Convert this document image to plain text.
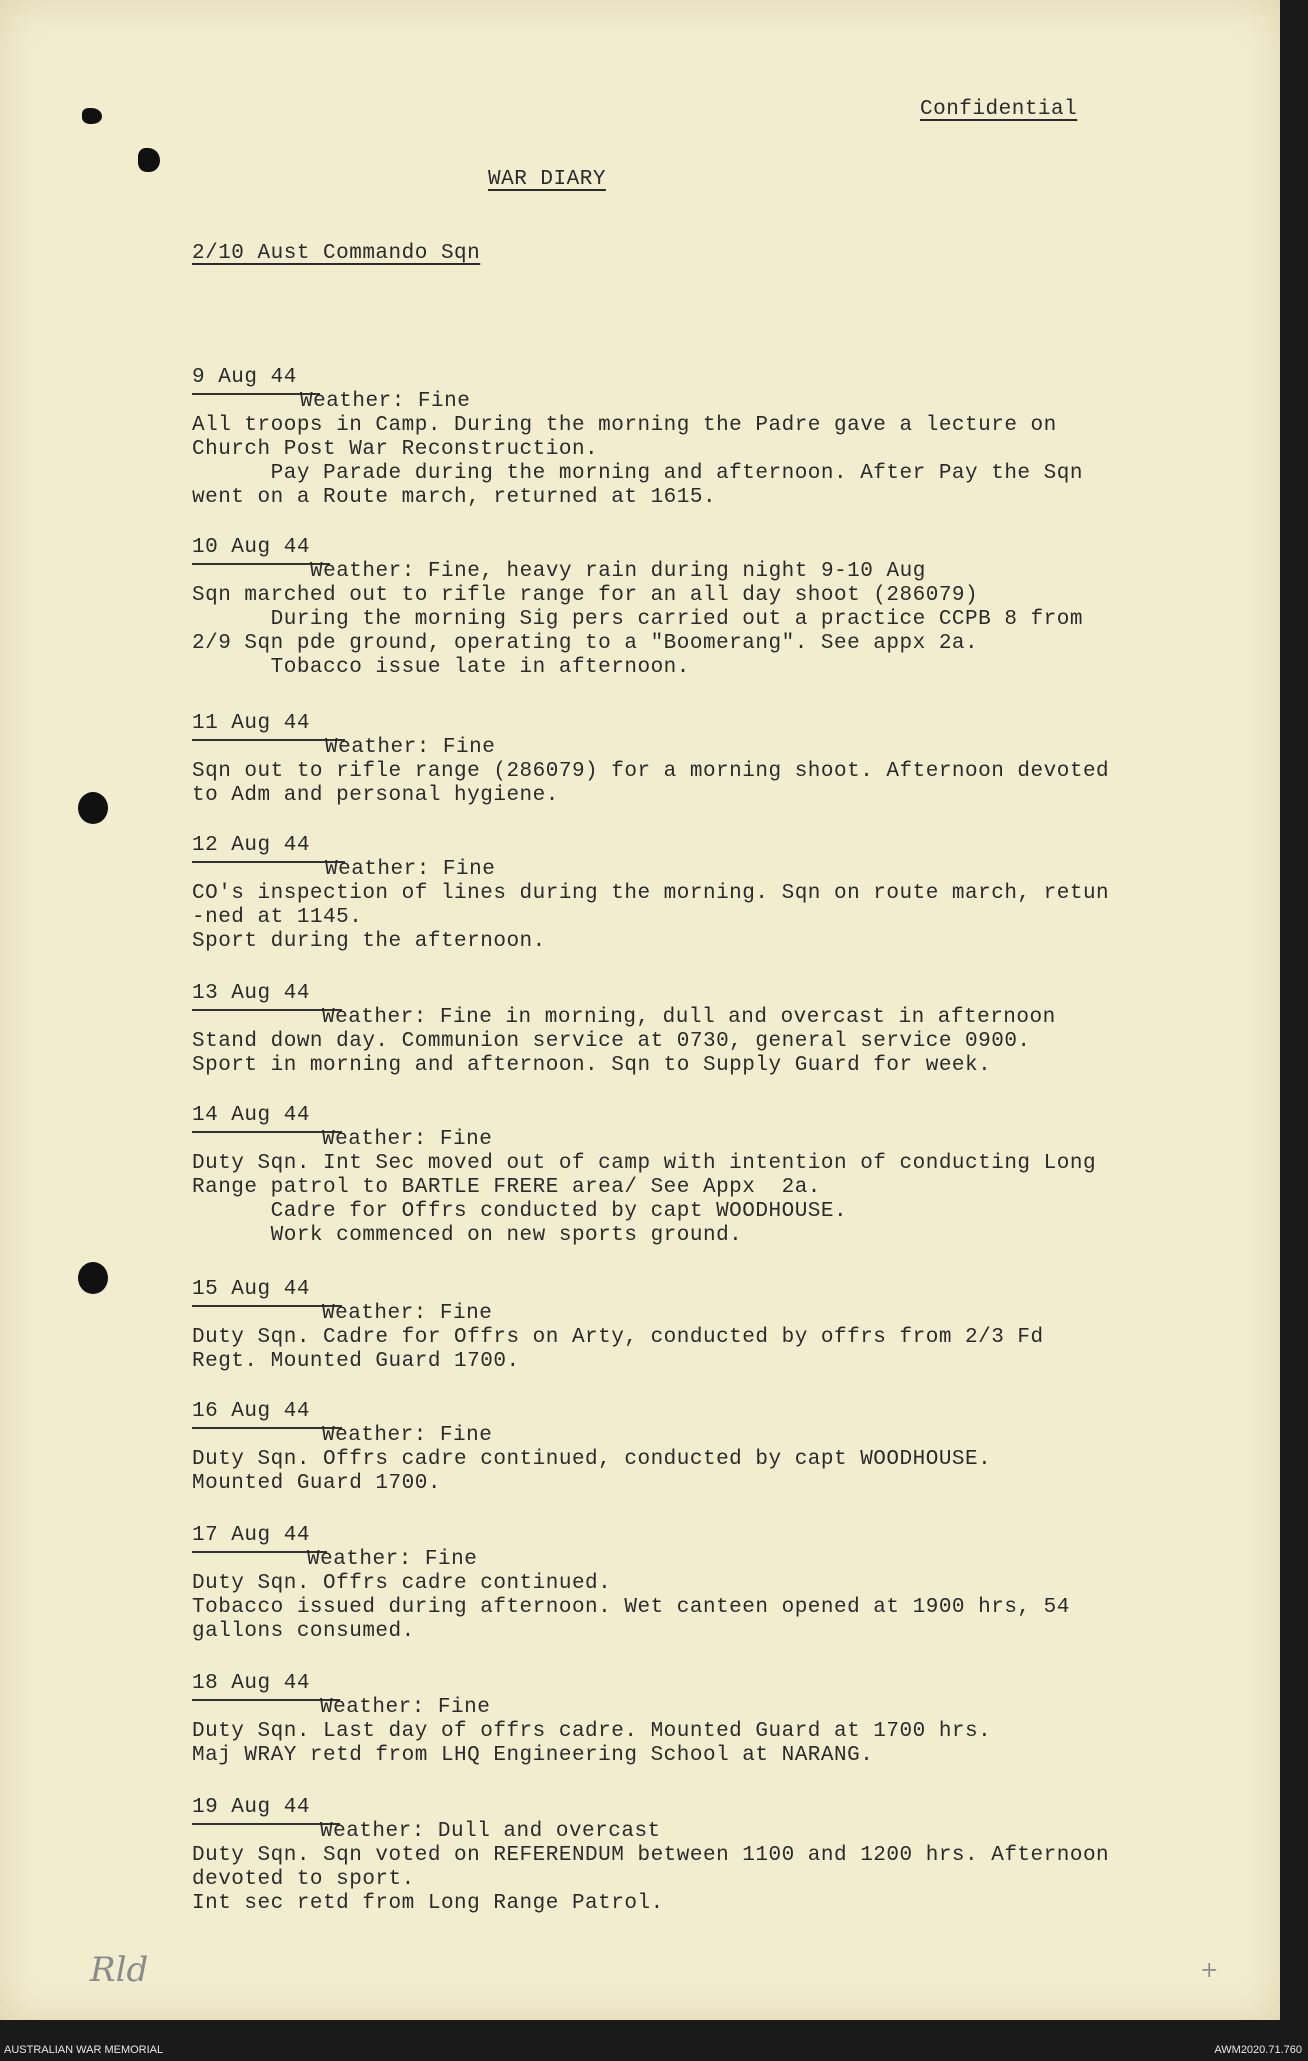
Confidential
WAR DIARY
2/10 Aust Commando Sqn
9 Aug 44
Weather: Fine
All troops in Camp. During the morning the Padre gave a lecture on
Church Post War Reconstruction.
Pay Parade during the morning and afternoon. After Pay the Sqn
went on a Route march, returned at 1615.
10 Aug 44
Weather: Fine, heavy rain during night 9-10 Aug
Sqn marched out to rifle range for an all day shoot (286079)
During the morning Sig pers carried out a practice CCPB 8 from
2/9 Sqn pde ground, operating to a "Boomerang". See appx 2a.
Tobacco issue late in afternoon.
11 Aug 44
Weather: Fine
Sqn out to rifle range (286079) for a morning shoot. Afternoon devoted
to Adm and personal hygiene.
12 Aug 44
Weather: Fine
CO's inspection of lines during the morning. Sqn on route march, retun
-ned at 1145.
Sport during the afternoon.
13 Aug 44
Weather: Fine in morning, dull and overcast in afternoon
Stand down day. Communion service at 0730, general service 0900.
Sport in morning and afternoon. Sqn to Supply Guard for week.
14 Aug 44
Weather: Fine
Duty Sqn. Int Sec moved out of camp with intention of conducting Long
Range patrol to BARTLE FRERE area/ See Appx  2a.
Cadre for Offrs conducted by capt WOODHOUSE.
Work commenced on new sports ground.
15 Aug 44
Weather: Fine
Duty Sqn. Cadre for Offrs on Arty, conducted by offrs from 2/3 Fd
Regt. Mounted Guard 1700.
16 Aug 44
Weather: Fine
Duty Sqn. Offrs cadre continued, conducted by capt WOODHOUSE.
Mounted Guard 1700.
17 Aug 44
Weather: Fine
Duty Sqn. Offrs cadre continued.
Tobacco issued during afternoon. Wet canteen opened at 1900 hrs, 54
gallons consumed.
18 Aug 44
Weather: Fine
Duty Sqn. Last day of offrs cadre. Mounted Guard at 1700 hrs.
Maj WRAY retd from LHQ Engineering School at NARANG.
19 Aug 44
Weather: Dull and overcast
Duty Sqn. Sqn voted on REFERENDUM between 1100 and 1200 hrs. Afternoon
devoted to sport.
Int sec retd from Long Range Patrol.
Rld	+
AUSTRALIAN WAR MEMORIAL	AWM2020.71.760
